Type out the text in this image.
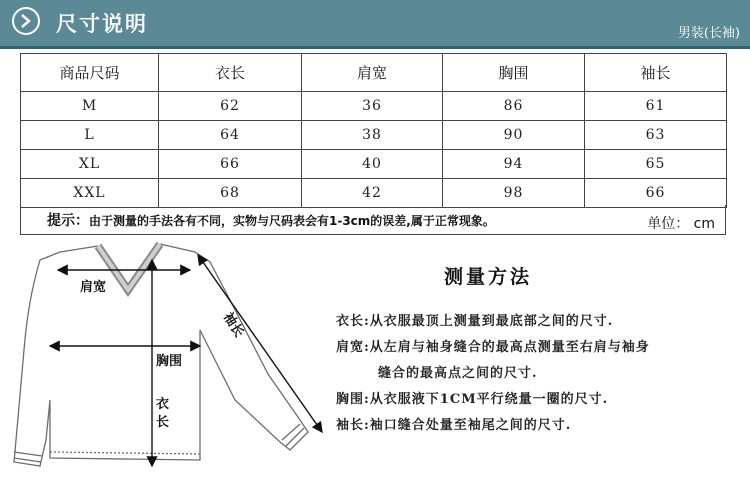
尺寸说明	男装(长袖)
商品尺码	衣长	肩宽	胸围	袖长
M	62	36	86	61
L	64	38	90	63
XL	66	40	94	65
XXL	68	42	98	66
提示：由于测量的手法各有不同，实物与尺码表会有1-3cm的误差,属于正常现象。	单位： cm
肩宽
胸围
衣长
袖长
测量方法
衣长:从衣服最顶上测量到最底部之间的尺寸.
肩宽:从左肩与袖身缝合的最高点测量至右肩与袖身
缝合的最高点之间的尺寸.
胸围:从衣服液下1CM平行绕量一圈的尺寸.
袖长:袖口缝合处量至袖尾之间的尺寸.
